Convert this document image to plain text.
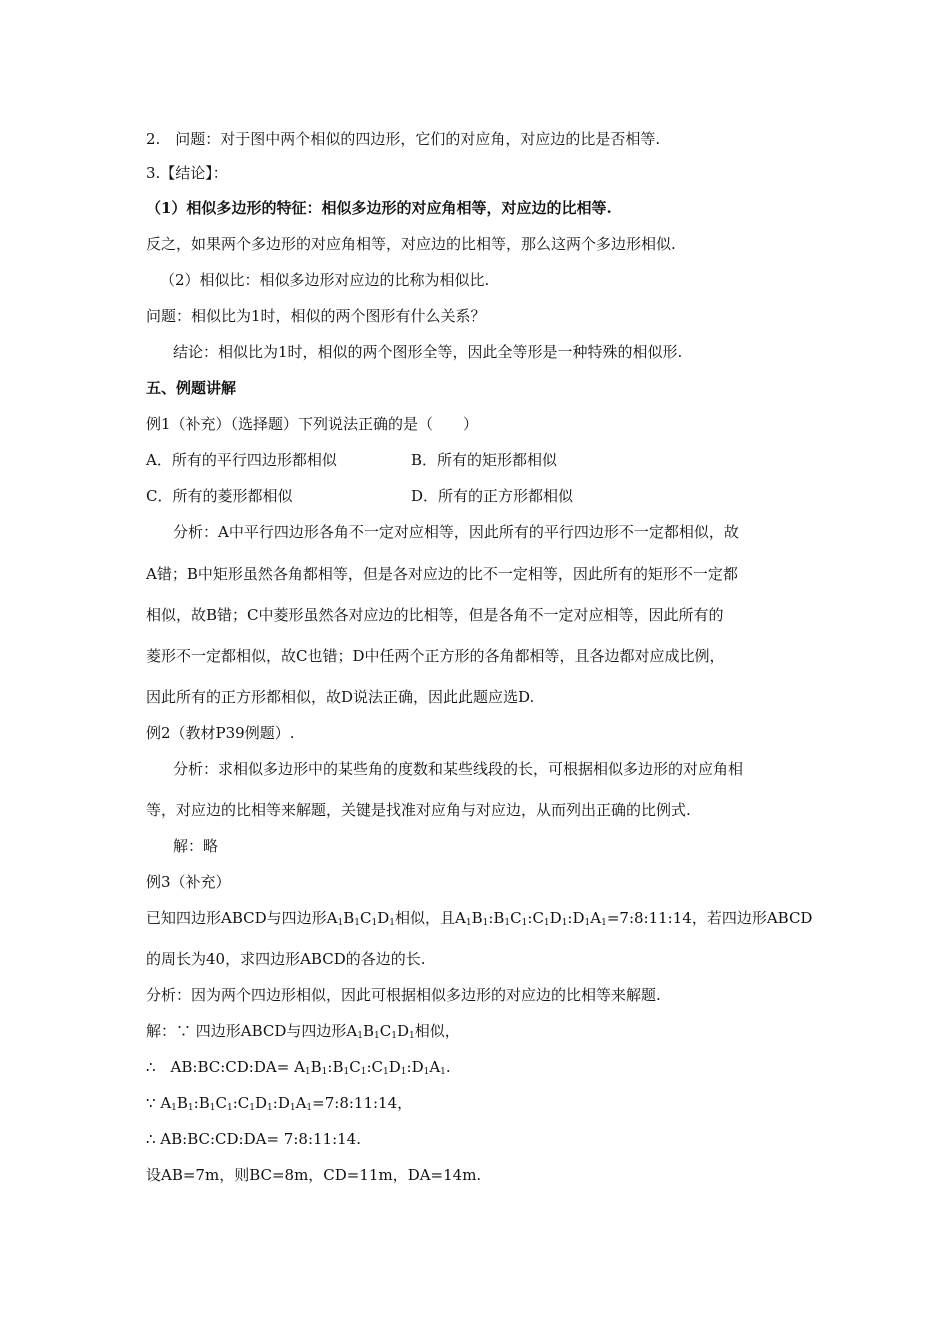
2.　问题：对于图中两个相似的四边形，它们的对应角，对应边的比是否相等.
3.【结论】：
（1）相似多边形的特征：相似多边形的对应角相等，对应边的比相等.
反之，如果两个多边形的对应角相等，对应边的比相等，那么这两个多边形相似.
（2）相似比：相似多边形对应边的比称为相似比.
问题：相似比为1时，相似的两个图形有什么关系？
结论：相似比为1时，相似的两个图形全等，因此全等形是一种特殊的相似形.
五、例题讲解
例1（补充）（选择题）下列说法正确的是（　　）
A．所有的平行四边形都相似	B．所有的矩形都相似
C．所有的菱形都相似	D．所有的正方形都相似
分析：A中平行四边形各角不一定对应相等，因此所有的平行四边形不一定都相似，故
A错；B中矩形虽然各角都相等，但是各对应边的比不一定相等，因此所有的矩形不一定都
相似，故B错；C中菱形虽然各对应边的比相等，但是各角不一定对应相等，因此所有的
菱形不一定都相似，故C也错；D中任两个正方形的各角都相等，且各边都对应成比例，
因此所有的正方形都相似，故D说法正确，因此此题应选D.
例2（教材P39例题）.
分析：求相似多边形中的某些角的度数和某些线段的长，可根据相似多边形的对应角相
等，对应边的比相等来解题，关键是找准对应角与对应边，从而列出正确的比例式.
解：略
例3（补充）
已知四边形ABCD与四边形$A_1B_1C_1D_1$相似，且$A_1B_1:B_1C_1:C_1D_1:D_1A_1=7:8:11:14$，若四边形ABCD
的周长为40，求四边形ABCD的各边的长.
分析：因为两个四边形相似，因此可根据相似多边形的对应边的比相等来解题.
解：∵ 四边形ABCD与四边形$A_1B_1C_1D_1$相似，
∴　AB:BC:CD:DA= $A_1B_1:B_1C_1:C_1D_1:D_1A_1$.
∵ $A_1B_1:B_1C_1:C_1D_1:D_1A_1=7:8:11:14$，
∴ AB:BC:CD:DA= 7:8:11:14.
设AB=7m，则BC=8m，CD=11m，DA=14m.
